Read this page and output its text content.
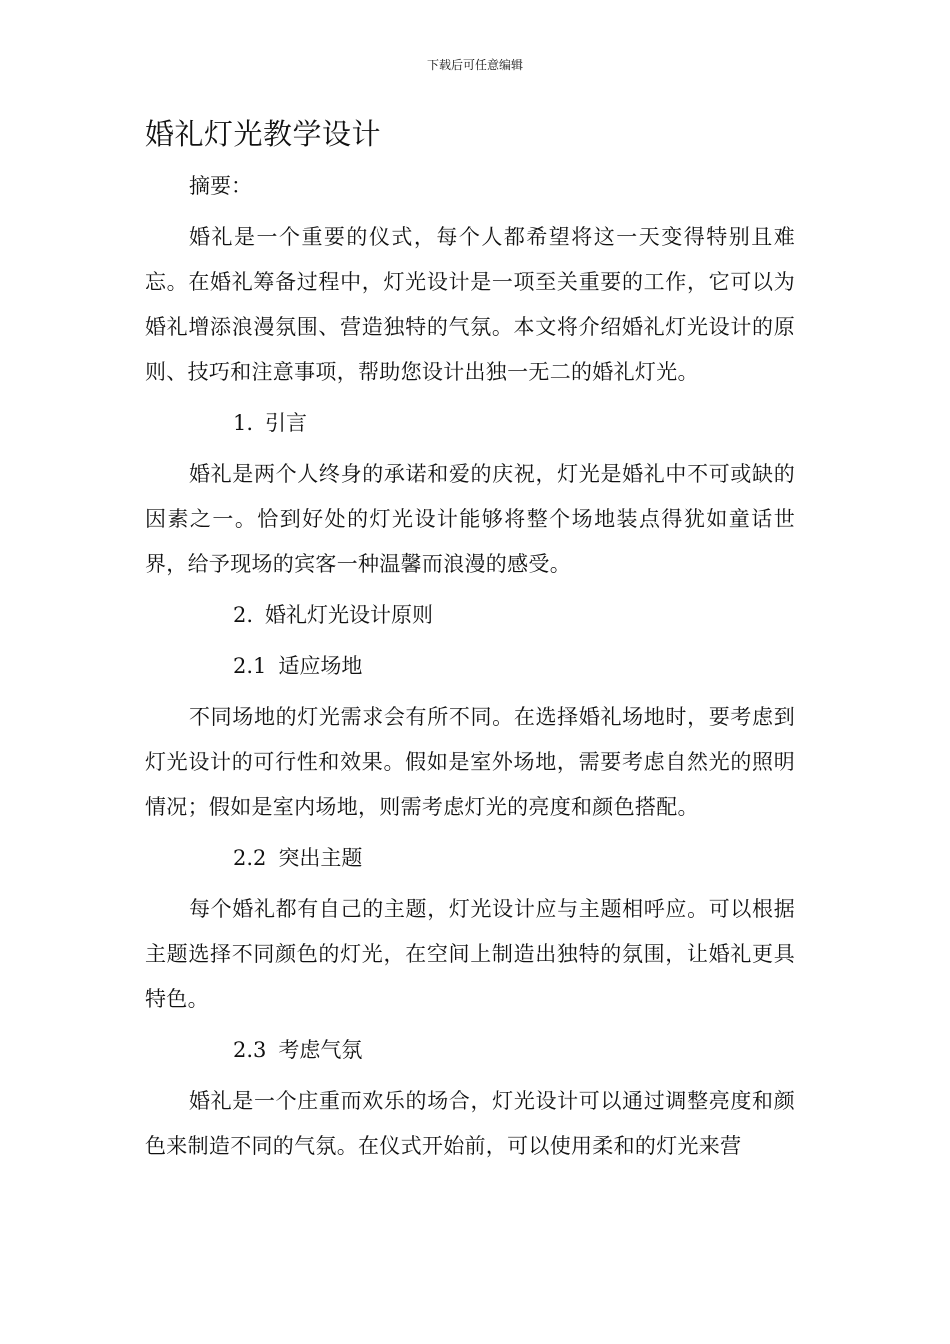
下载后可任意编辑
婚礼灯光教学设计

摘要：

婚礼是一个重要的仪式，每个人都希望将这一天变得特别且难忘。在婚礼筹备过程中，灯光设计是一项至关重要的工作，它可以为婚礼增添浪漫氛围、营造独特的气氛。本文将介绍婚礼灯光设计的原则、技巧和注意事项，帮助您设计出独一无二的婚礼灯光。

1. 引言

婚礼是两个人终身的承诺和爱的庆祝，灯光是婚礼中不可或缺的因素之一。恰到好处的灯光设计能够将整个场地装点得犹如童话世界，给予现场的宾客一种温馨而浪漫的感受。

2. 婚礼灯光设计原则

2.1 适应场地

不同场地的灯光需求会有所不同。在选择婚礼场地时，要考虑到灯光设计的可行性和效果。假如是室外场地，需要考虑自然光的照明情况；假如是室内场地，则需考虑灯光的亮度和颜色搭配。

2.2 突出主题

每个婚礼都有自己的主题，灯光设计应与主题相呼应。可以根据主题选择不同颜色的灯光，在空间上制造出独特的氛围，让婚礼更具特色。

2.3 考虑气氛

婚礼是一个庄重而欢乐的场合，灯光设计可以通过调整亮度和颜色来制造不同的气氛。在仪式开始前，可以使用柔和的灯光来营
